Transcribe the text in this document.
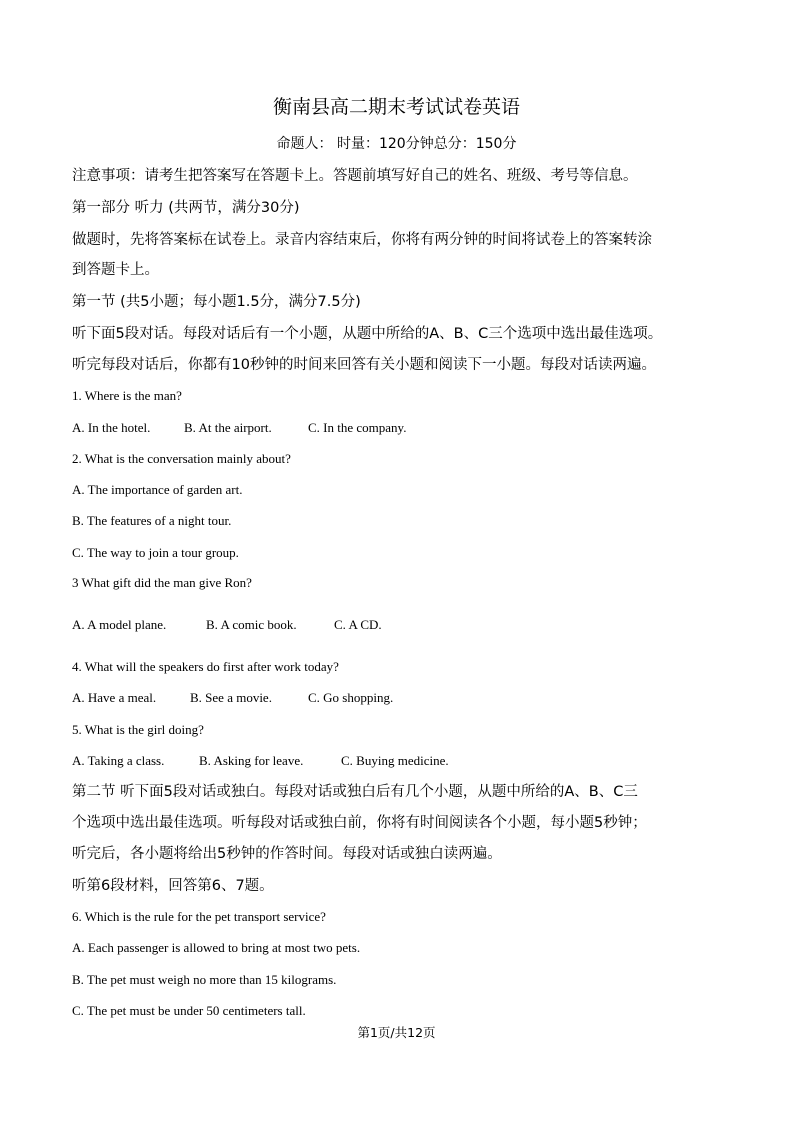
衡南县高二期末考试试卷英语
命题人： 时量：120分钟总分：150分
注意事项：请考生把答案写在答题卡上。答题前填写好自己的姓名、班级、考号等信息。
第一部分 听力 (共两节，满分30分)
做题时，先将答案标在试卷上。录音内容结束后，你将有两分钟的时间将试卷上的答案转涂
到答题卡上。
第一节 (共5小题；每小题1.5分，满分7.5分)
听下面5段对话。每段对话后有一个小题，从题中所给的A、B、C三个选项中选出最佳选项。
听完每段对话后，你都有10秒钟的时间来回答有关小题和阅读下一小题。每段对话读两遍。
1. Where is the man?
A. In the hotel.	B. At the airport.	C. In the company.
2. What is the conversation mainly about?
A. The importance of garden art.
B. The features of a night tour.
C. The way to join a tour group.
3 What gift did the man give Ron?
A. A model plane.	B. A comic book.	C. A CD.
4. What will the speakers do first after work today?
A. Have a meal.	B. See a movie.	C. Go shopping.
5. What is the girl doing?
A. Taking a class.	B. Asking for leave.	C. Buying medicine.
第二节 听下面5段对话或独白。每段对话或独白后有几个小题，从题中所给的A、B、C三
个选项中选出最佳选项。听每段对话或独白前，你将有时间阅读各个小题，每小题5秒钟；
听完后，各小题将给出5秒钟的作答时间。每段对话或独白读两遍。
听第6段材料，回答第6、7题。
6. Which is the rule for the pet transport service?
A. Each passenger is allowed to bring at most two pets.
B. The pet must weigh no more than 15 kilograms.
C. The pet must be under 50 centimeters tall.
第1页/共12页
